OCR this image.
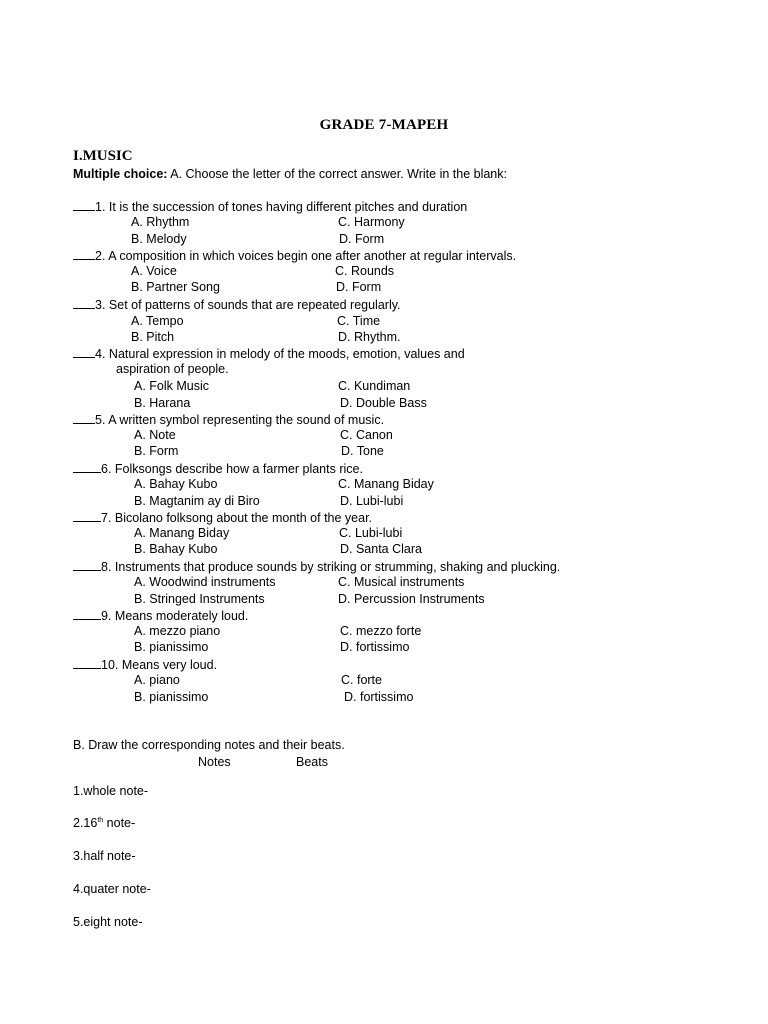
GRADE 7-MAPEH
I.MUSIC
Multiple choice: A. Choose the letter of the correct answer. Write in the blank:
1. It is the succession of tones having different pitches and duration
A. Rhythm	C. Harmony
B. Melody	D. Form
2. A composition in which voices begin one after another at regular intervals.
A. Voice	C. Rounds
B. Partner Song	D. Form
3. Set of patterns of sounds that are repeated regularly.
A. Tempo	C. Time
B. Pitch	D. Rhythm.
4. Natural expression in melody of the moods, emotion, values and
aspiration of people.
A. Folk Music	C. Kundiman
B. Harana	D. Double Bass
5. A written symbol representing the sound of music.
A. Note	C. Canon
B. Form	D. Tone
6. Folksongs describe how a farmer plants rice.
A. Bahay Kubo	C. Manang Biday
B. Magtanim ay di Biro	D. Lubi-lubi
7. Bicolano folksong about the month of the year.
A. Manang Biday	C. Lubi-lubi
B. Bahay Kubo	D. Santa Clara
8. Instruments that produce sounds by striking or strumming, shaking and plucking.
A. Woodwind instruments	C. Musical instruments
B. Stringed Instruments	D. Percussion Instruments
9. Means moderately loud.
A. mezzo piano	C. mezzo forte
B. pianissimo	D. fortissimo
10. Means very loud.
A. piano	C. forte
B. pianissimo	D. fortissimo
B. Draw the corresponding notes and their beats.
Notes	Beats
1.whole note-
2.16th note-
3.half note-
4.quater note-
5.eight note-
